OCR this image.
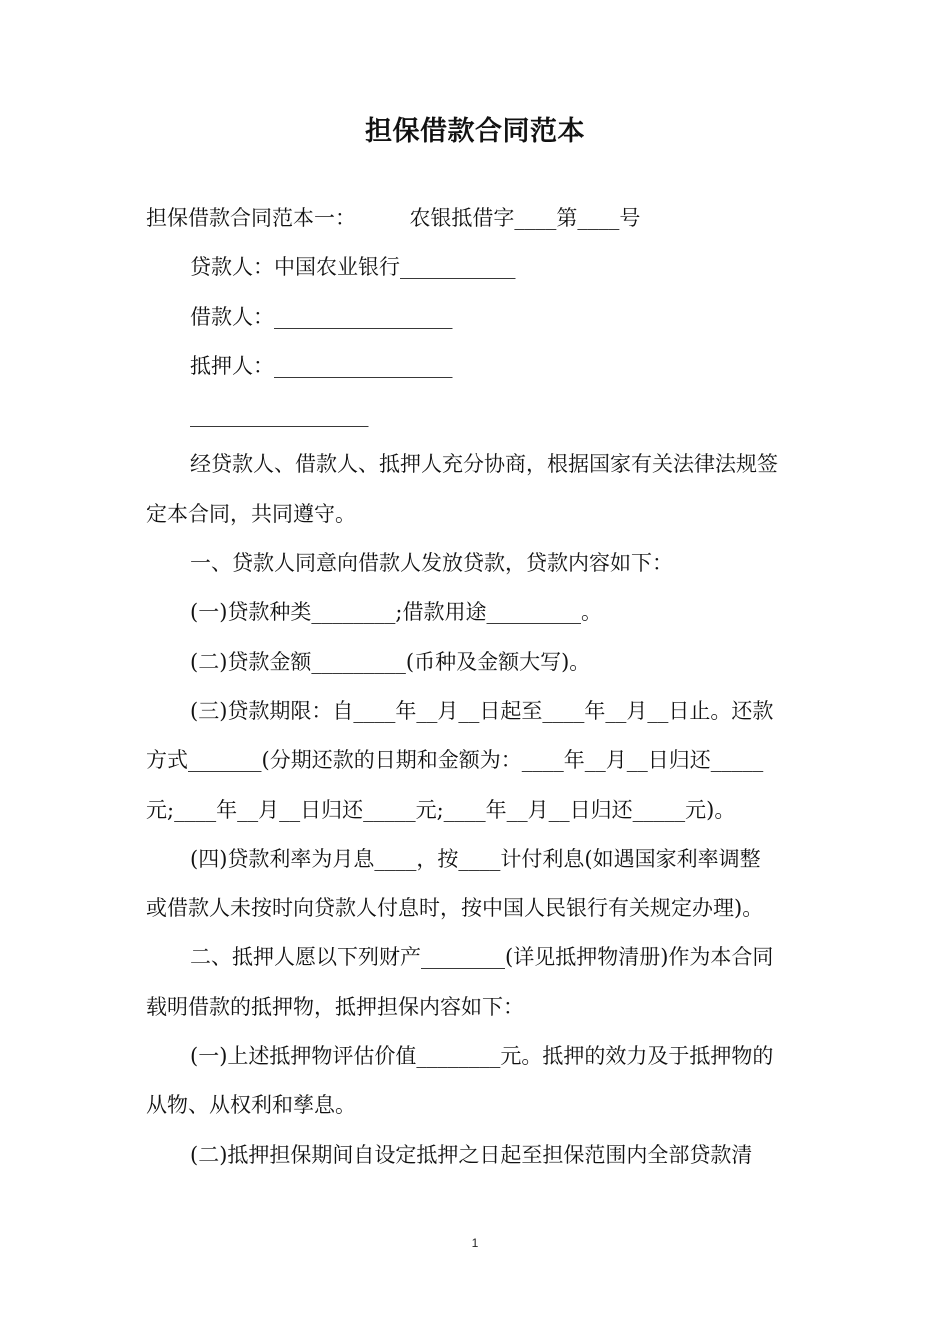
担保借款合同范本

担保借款合同范本一：        农银抵借字____第____号

贷款人：中国农业银行___________

借款人：_________________

抵押人：_________________

_________________

经贷款人、借款人、抵押人充分协商，根据国家有关法律法规签

定本合同，共同遵守。

一、贷款人同意向借款人发放贷款，贷款内容如下：

(一)贷款种类________;借款用途_________。

(二)贷款金额_________(币种及金额大写)。

(三)贷款期限：自____年__月__日起至____年__月__日止。还款

方式_______(分期还款的日期和金额为：____年__月__日归还_____

元;____年__月__日归还_____元;____年__月__日归还_____元)。

(四)贷款利率为月息____，按____计付利息(如遇国家利率调整

或借款人未按时向贷款人付息时，按中国人民银行有关规定办理)。

二、抵押人愿以下列财产________(详见抵押物清册)作为本合同

载明借款的抵押物，抵押担保内容如下：

(一)上述抵押物评估价值________元。抵押的效力及于抵押物的

从物、从权利和孳息。

(二)抵押担保期间自设定抵押之日起至担保范围内全部贷款清

1
